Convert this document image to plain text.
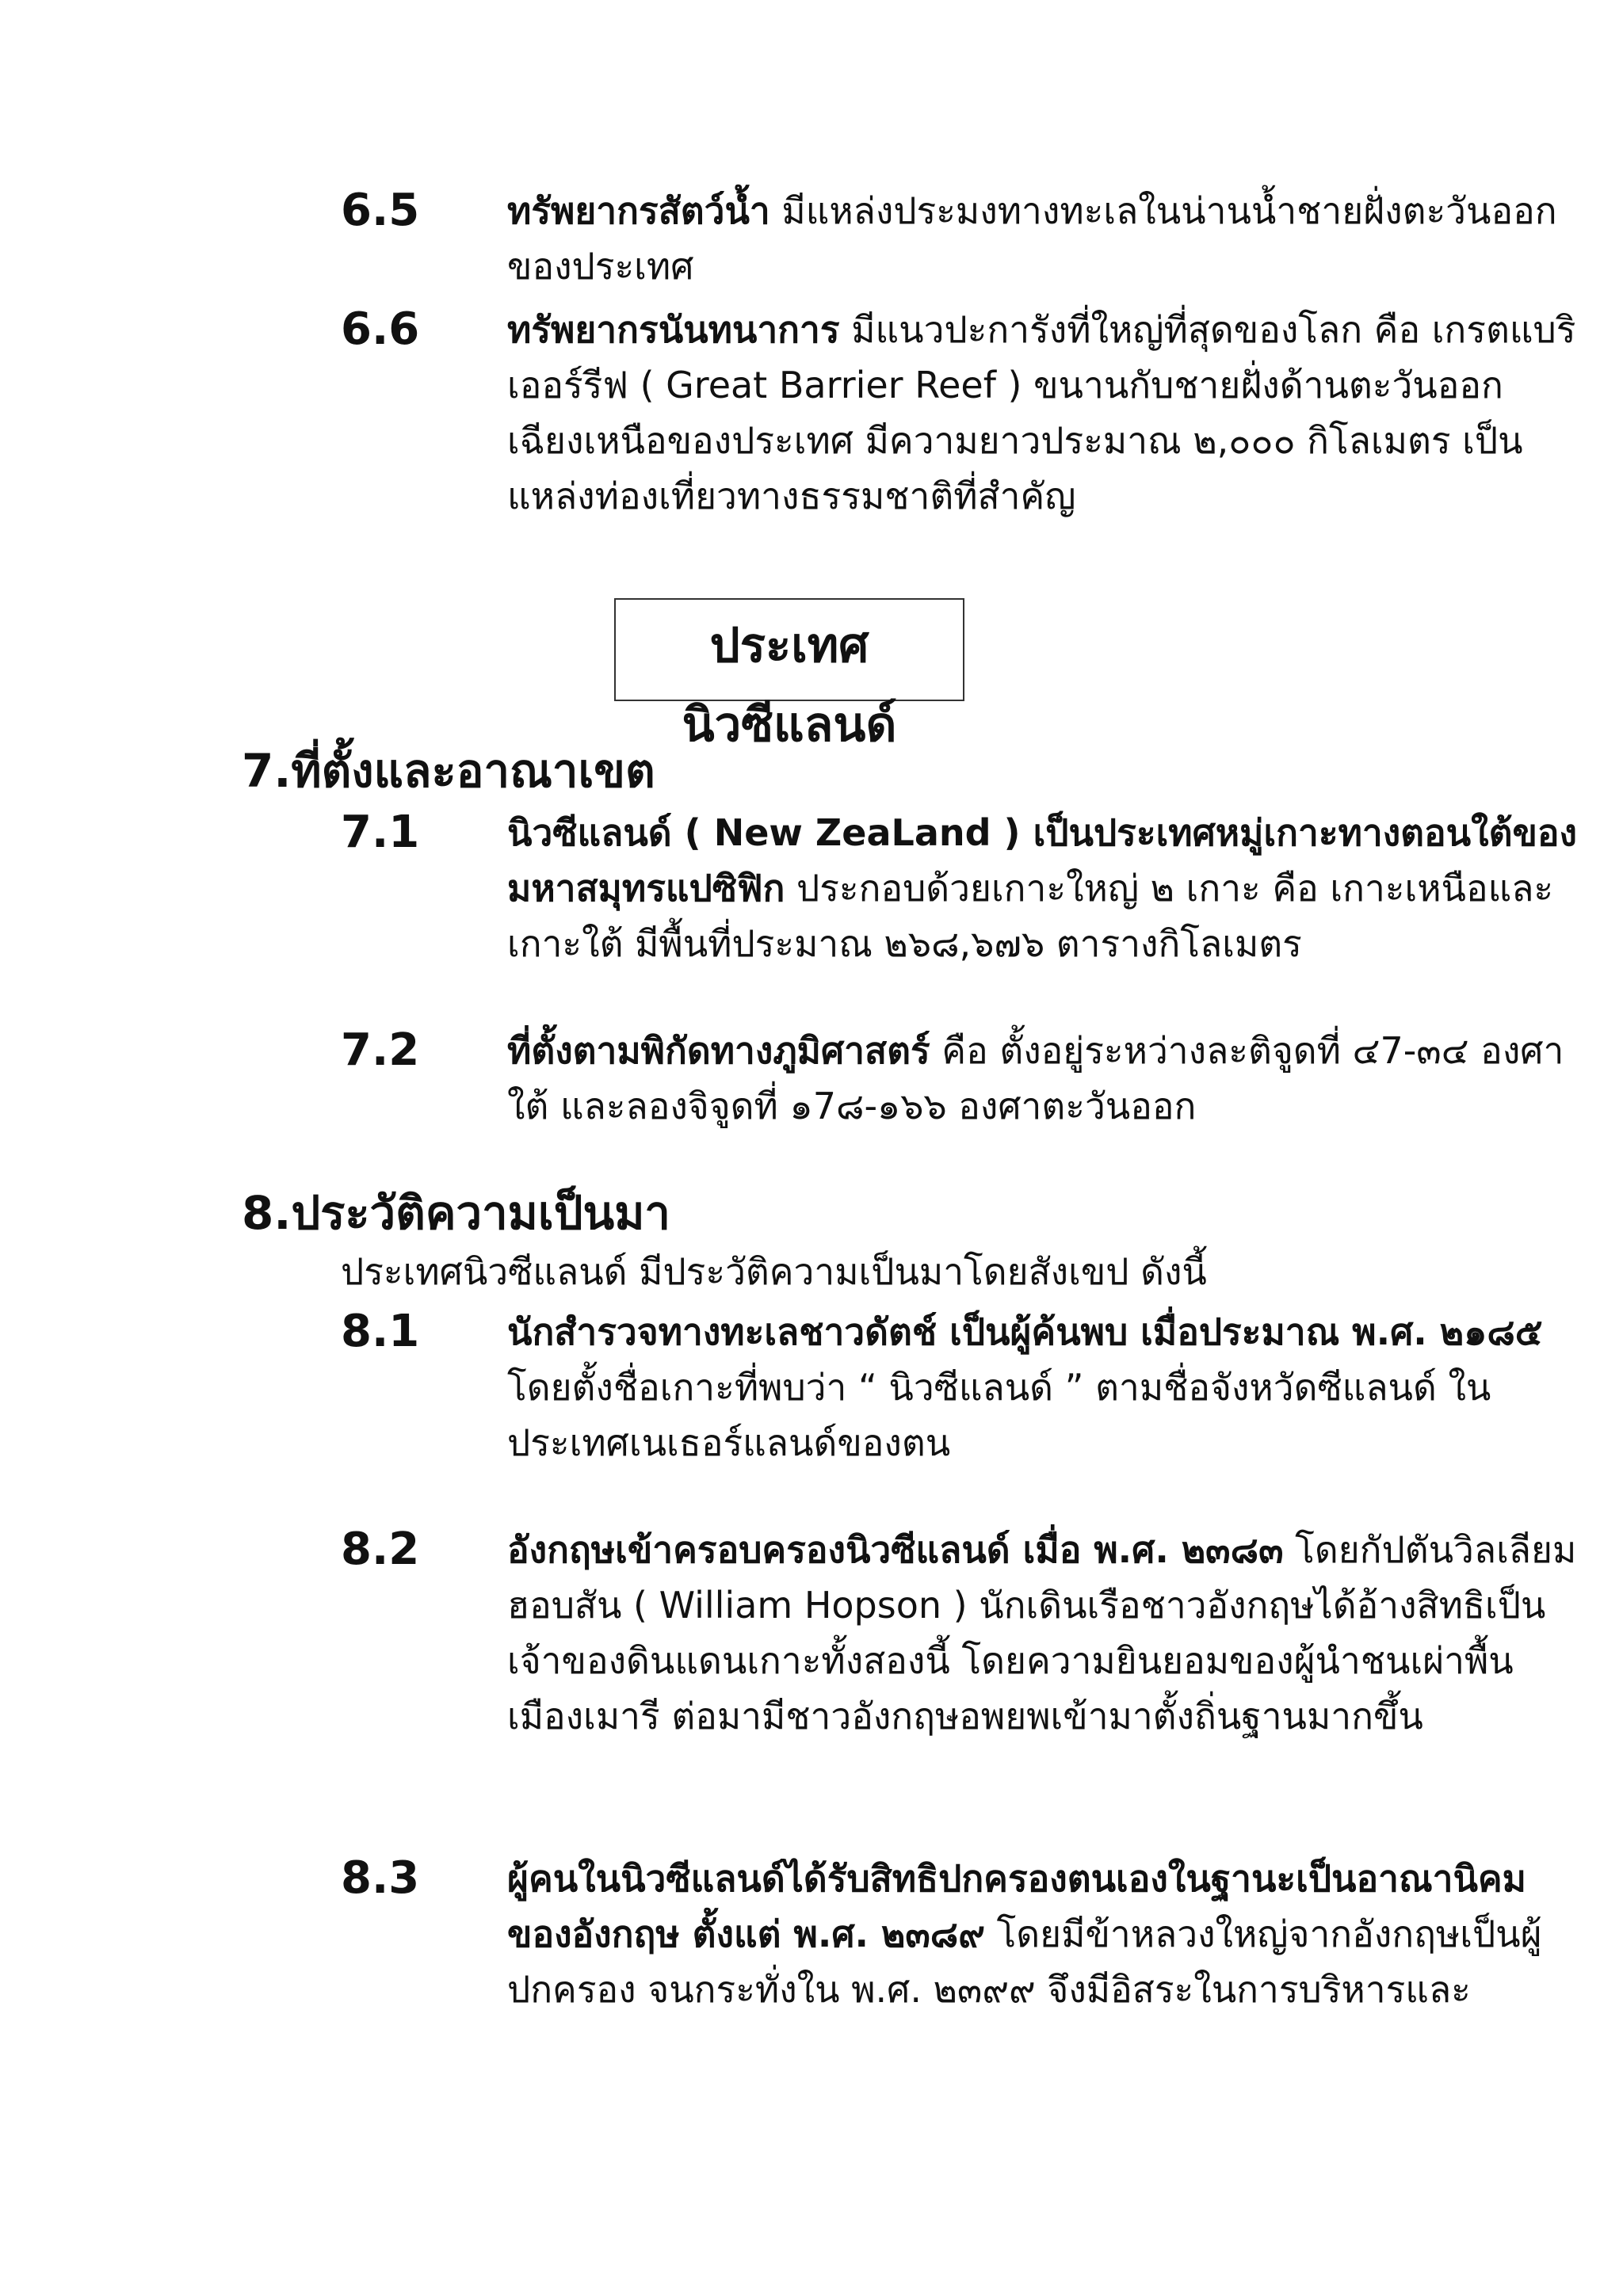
6.5 ทรัพยากรสัตว์น้ำ มีแหล่งประมงทางทะเลในน่านน้ำชายฝั่งตะวันออกของประเทศ
6.6 ทรัพยากรนันทนาการ มีแนวปะการังที่ใหญ่ที่สุดของโลก คือ เกรตแบริเออร์รีฟ ( Great Barrier Reef ) ขนานกับชายฝั่งด้านตะวันออกเฉียงเหนือของประเทศ มีความยาวประมาณ ๒,๐๐๐ กิโลเมตร เป็นแหล่งท่องเที่ยวทางธรรมชาติที่สำคัญ
ประเทศ
นิวซีแลนด์
7.ที่ตั้งและอาณาเขต
7.1 นิวซีแลนด์ ( New ZeaLand ) เป็นประเทศหมู่เกาะทางตอนใต้ของมหาสมุทรแปซิฟิก ประกอบด้วยเกาะใหญ่ ๒ เกาะ คือ เกาะเหนือและเกาะใต้ มีพื้นที่ประมาณ ๒๖๘,๖๗๖ ตารางกิโลเมตร
7.2 ที่ตั้งตามพิกัดทางภูมิศาสตร์ คือ ตั้งอยู่ระหว่างละติจูดที่ ๔7-๓๔ องศาใต้ และลองจิจูดที่ ๑7๘-๑๖๖ องศาตะวันออก
8.ประวัติความเป็นมา
ประเทศนิวซีแลนด์ มีประวัติความเป็นมาโดยสังเขป ดังนี้
8.1 นักสำรวจทางทะเลชาวดัตช์ เป็นผู้ค้นพบ เมื่อประมาณ พ.ศ. ๒๑๘๕ โดยตั้งชื่อเกาะที่พบว่า “ นิวซีแลนด์ ” ตามชื่อจังหวัดซีแลนด์ ในประเทศเนเธอร์แลนด์ของตน
8.2 อังกฤษเข้าครอบครองนิวซีแลนด์ เมื่อ พ.ศ. ๒๓๘๓ โดยกัปตันวิลเลียม ฮอบสัน ( William Hopson ) นักเดินเรือชาวอังกฤษได้อ้างสิทธิเป็นเจ้าของดินแดนเกาะทั้งสองนี้ โดยความยินยอมของผู้นำชนเผ่าพื้นเมืองเมารี ต่อมามีชาวอังกฤษอพยพเข้ามาตั้งถิ่นฐานมากขึ้น
8.3 ผู้คนในนิวซีแลนด์ได้รับสิทธิปกครองตนเองในฐานะเป็นอาณานิคมของอังกฤษ ตั้งแต่ พ.ศ. ๒๓๘๙ โดยมีข้าหลวงใหญ่จากอังกฤษเป็นผู้ปกครอง จนกระทั่งใน พ.ศ. ๒๓๙๙ จึงมีอิสระในการบริหารและ
